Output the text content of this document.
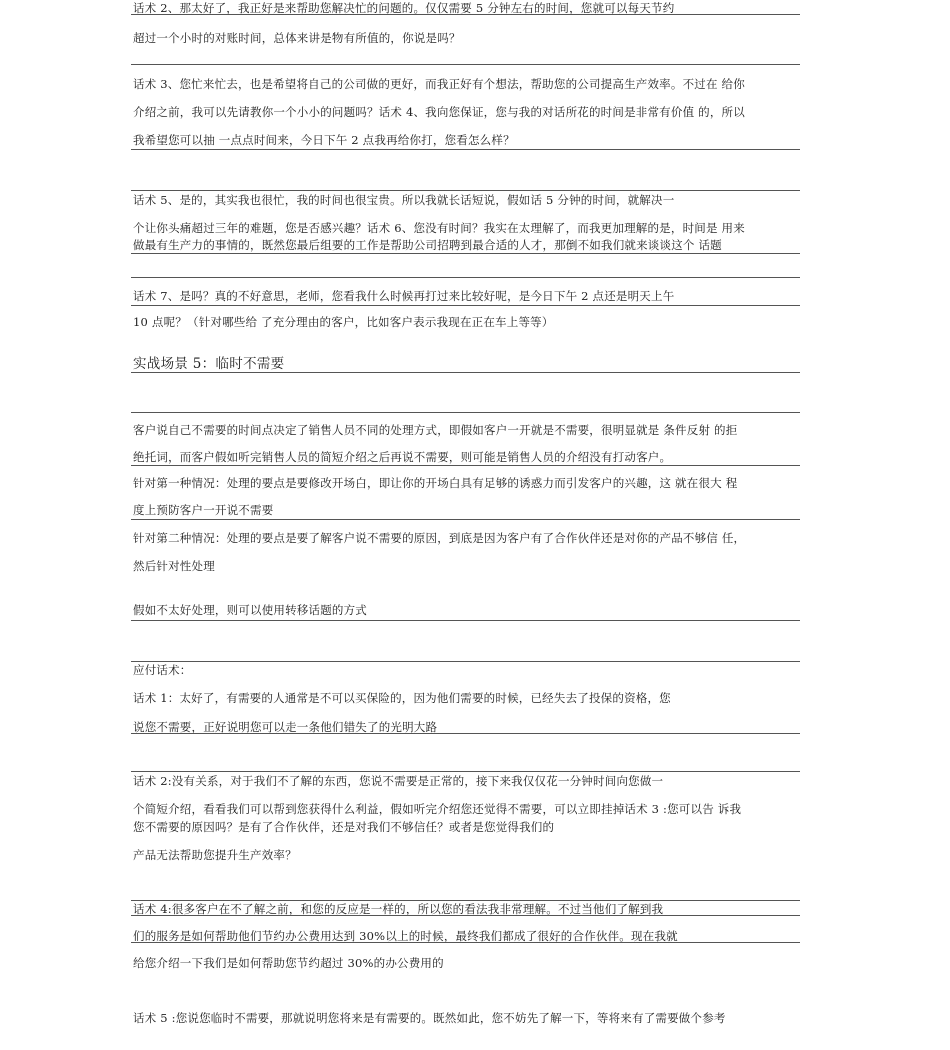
话术 2、那太好了，我正好是来帮助您解决忙的问题的。仅仅需要 5 分钟左右的时间，您就可以每天节约
超过一个小时的对账时间，总体来讲是物有所值的，你说是吗？
话术 3、您忙来忙去，也是希望将自己的公司做的更好，而我正好有个想法，帮助您的公司提高生产效率。不过在 给你
介绍之前，我可以先请教你一个小小的问题吗？话术 4、我向您保证，您与我的对话所花的时间是非常有价值 的，所以
我希望您可以抽 一点点时间来，今日下午 2 点我再给你打，您看怎么样？
话术 5、是的，其实我也很忙，我的时间也很宝贵。所以我就长话短说，假如话 5 分钟的时间，就解决一
个让你头痛超过三年的难题，您是否感兴趣？话术 6、您没有时间？我实在太理解了，而我更加理解的是，时间是 用来
做最有生产力的事情的，既然您最后组要的工作是帮助公司招聘到最合适的人才，那倒不如我们就来谈谈这个 话题
话术 7、是吗？真的不好意思，老师，您看我什么时候再打过来比较好呢，是今日下午 2 点还是明天上午
10 点呢？（针对哪些给 了充分理由的客户，比如客户表示我现在正在车上等等）
实战场景 5：临时不需要
客户说自己不需要的时间点决定了销售人员不同的处理方式，即假如客户一开就是不需要，很明显就是 条件反射 的拒
绝托词，而客户假如听完销售人员的简短介绍之后再说不需要，则可能是销售人员的介绍没有打动客户。
针对第一种情况：处理的要点是要修改开场白，即让你的开场白具有足够的诱惑力而引发客户的兴趣，这 就在很大 程
度上预防客户一开说不需要
针对第二种情况：处理的要点是要了解客户说不需要的原因，到底是因为客户有了合作伙伴还是对你的产品不够信 任，
然后针对性处理
假如不太好处理，则可以使用转移话题的方式
应付话术：
话术 1：太好了，有需要的人通常是不可以买保险的，因为他们需要的时候，已经失去了投保的资格，您
说您不需要，正好说明您可以走一条他们错失了的光明大路
话术 2:没有关系，对于我们不了解的东西，您说不需要是正常的，接下来我仅仅花一分钟时间向您做一
个简短介绍，看看我们可以帮到您获得什么利益，假如听完介绍您还觉得不需要，可以立即挂掉话术 3 :您可以告 诉我
您不需要的原因吗？是有了合作伙伴，还是对我们不够信任？或者是您觉得我们的
产品无法帮助您提升生产效率？
话术 4:很多客户在不了解之前，和您的反应是一样的，所以您的看法我非常理解。不过当他们了解到我
们的服务是如何帮助他们节约办公费用达到 30%以上的时候，最终我们都成了很好的合作伙伴。现在我就
给您介绍一下我们是如何帮助您节约超过 30%的办公费用的
话术 5 :您说您临时不需要，那就说明您将来是有需要的。既然如此，您不妨先了解一下，等将来有了需要做个参考
